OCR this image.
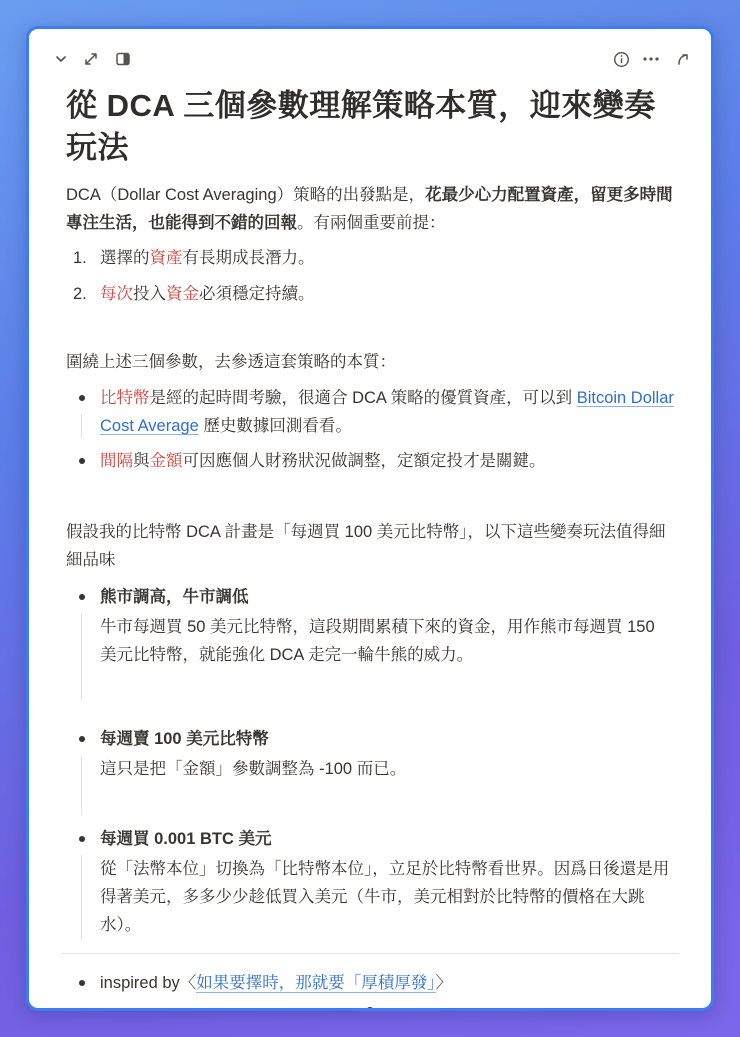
從 DCA 三個參數理解策略本質，迎來變奏玩法

DCA（Dollar Cost Averaging）策略的出發點是，花最少心力配置資產，留更多時間專注生活，也能得到不錯的回報。有兩個重要前提：

1. 選擇的資產有長期成長潛力。
2. 每次投入資金必須穩定持續。

圍繞上述三個參數，去參透這套策略的本質：

比特幣是經的起時間考驗，很適合 DCA 策略的優質資產，可以到 Bitcoin Dollar Cost Average 歷史數據回測看看。
間隔與金額可因應個人財務狀況做調整，定額定投才是關鍵。

假設我的比特幣 DCA 計畫是「每週買 100 美元比特幣」，以下這些變奏玩法值得細細品味

熊市調高，牛市調低
牛市每週買 50 美元比特幣，這段期間累積下來的資金，用作熊市每週買 150 美元比特幣，就能強化 DCA 走完一輪牛熊的威力。
每週賣 100 美元比特幣
這只是把「金額」參數調整為 -100 而已。
每週買 0.001 BTC 美元
從「法幣本位」切換為「比特幣本位」，立足於比特幣看世界。因爲日後還是用得著美元，多多少少趁低買入美元（牛市，美元相對於比特幣的價格在大跳水）。
inspired by〈如果要擇時，那就要「厚積厚發」〉
